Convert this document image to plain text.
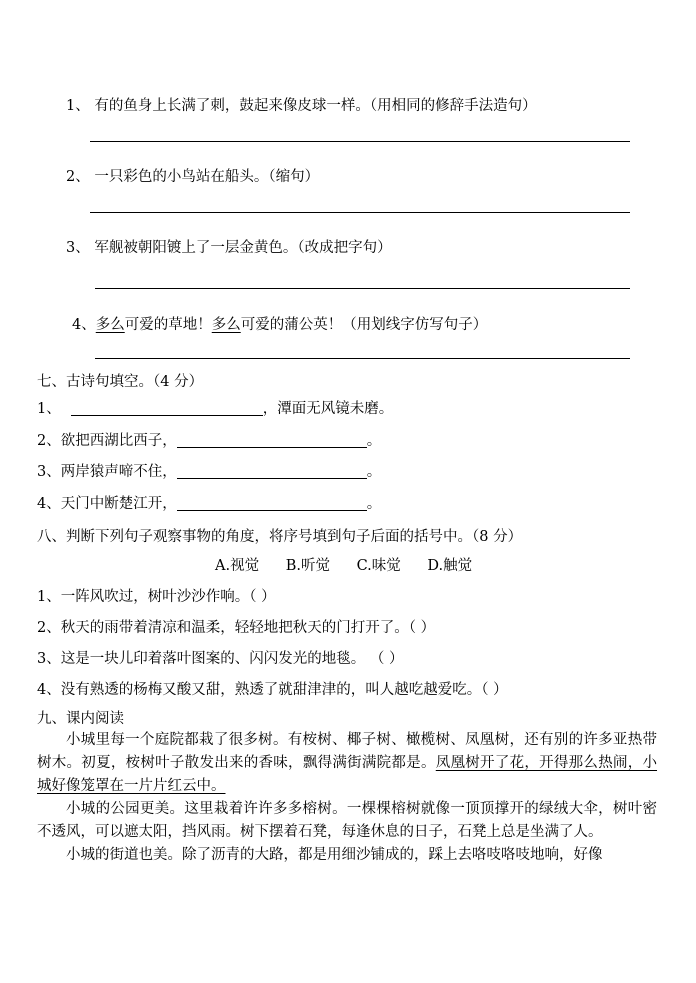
1、 有的鱼身上长满了刺，鼓起来像皮球一样。（用相同的修辞手法造句）
2、 一只彩色的小鸟站在船头。（缩句）
3、 军舰被朝阳镀上了一层金黄色。（改成把字句）
4、多么可爱的草地！多么可爱的蒲公英！（用划线字仿写句子）
七、古诗句填空。（4 分）
1、	，潭面无风镜未磨。
2、欲把西湖比西子，	。
3、两岸猿声啼不住，	。
4、天门中断楚江开，	。
八、判断下列句子观察事物的角度，将序号填到句子后面的括号中。（8 分）
A.视觉 B.听觉 C.味觉 D.触觉
1、一阵风吹过，树叶沙沙作响。（ ）
2、秋天的雨带着清凉和温柔，轻轻地把秋天的门打开了。（ ）
3、这是一块儿印着落叶图案的、闪闪发光的地毯。 （ ）
4、没有熟透的杨梅又酸又甜，熟透了就甜津津的，叫人越吃越爱吃。（ ）
九、课内阅读

小城里每一个庭院都栽了很多树。有桉树、椰子树、橄榄树、凤凰树，还有别的许多亚热带树木。初夏，桉树叶子散发出来的香味，飘得满街满院都是。凤凰树开了花，开得那么热闹，小城好像笼罩在一片片红云中。

小城的公园更美。这里栽着许许多多榕树。一棵棵榕树就像一顶顶撑开的绿绒大伞，树叶密不透风，可以遮太阳，挡风雨。树下摆着石凳，每逢休息的日子，石凳上总是坐满了人。

小城的街道也美。除了沥青的大路，都是用细沙铺成的，踩上去咯吱咯吱地响，好像
